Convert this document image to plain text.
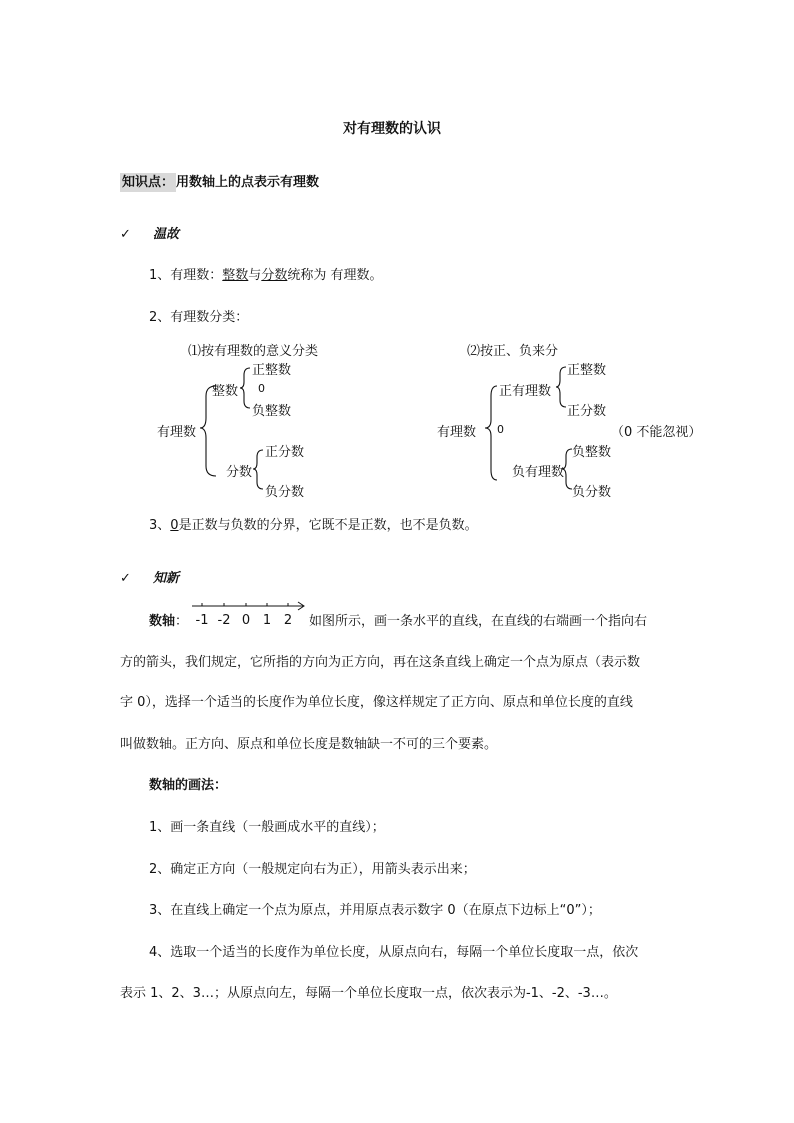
对有理数的认识
知识点： 用数轴上的点表示有理数
✓ 温故
1、有理数：整数与分数统称为 有理数。
2、有理数分类：
⑴按有理数的意义分类
有理数
整数
正整数
0
负整数
分数
正分数
负分数
⑵按正、负来分
有理数
正有理数
正整数
正分数
0	（0 不能忽视）
负有理数
负整数
负分数
3、0是正数与负数的分界，它既不是正数，也不是负数。
✓ 知新
数轴： -1 -2 0 1 2 如图所示，画一条水平的直线，在直线的右端画一个指向右
方的箭头，我们规定，它所指的方向为正方向，再在这条直线上确定一个点为原点（表示数
字 0），选择一个适当的长度作为单位长度，像这样规定了正方向、原点和单位长度的直线
叫做数轴。正方向、原点和单位长度是数轴缺一不可的三个要素。
数轴的画法：
1、画一条直线（一般画成水平的直线）；
2、确定正方向（一般规定向右为正），用箭头表示出来；
3、在直线上确定一个点为原点，并用原点表示数字 0（在原点下边标上“0”）；
4、选取一个适当的长度作为单位长度，从原点向右，每隔一个单位长度取一点，依次
表示 1、2、3…；从原点向左，每隔一个单位长度取一点，依次表示为-1、-2、-3…。
